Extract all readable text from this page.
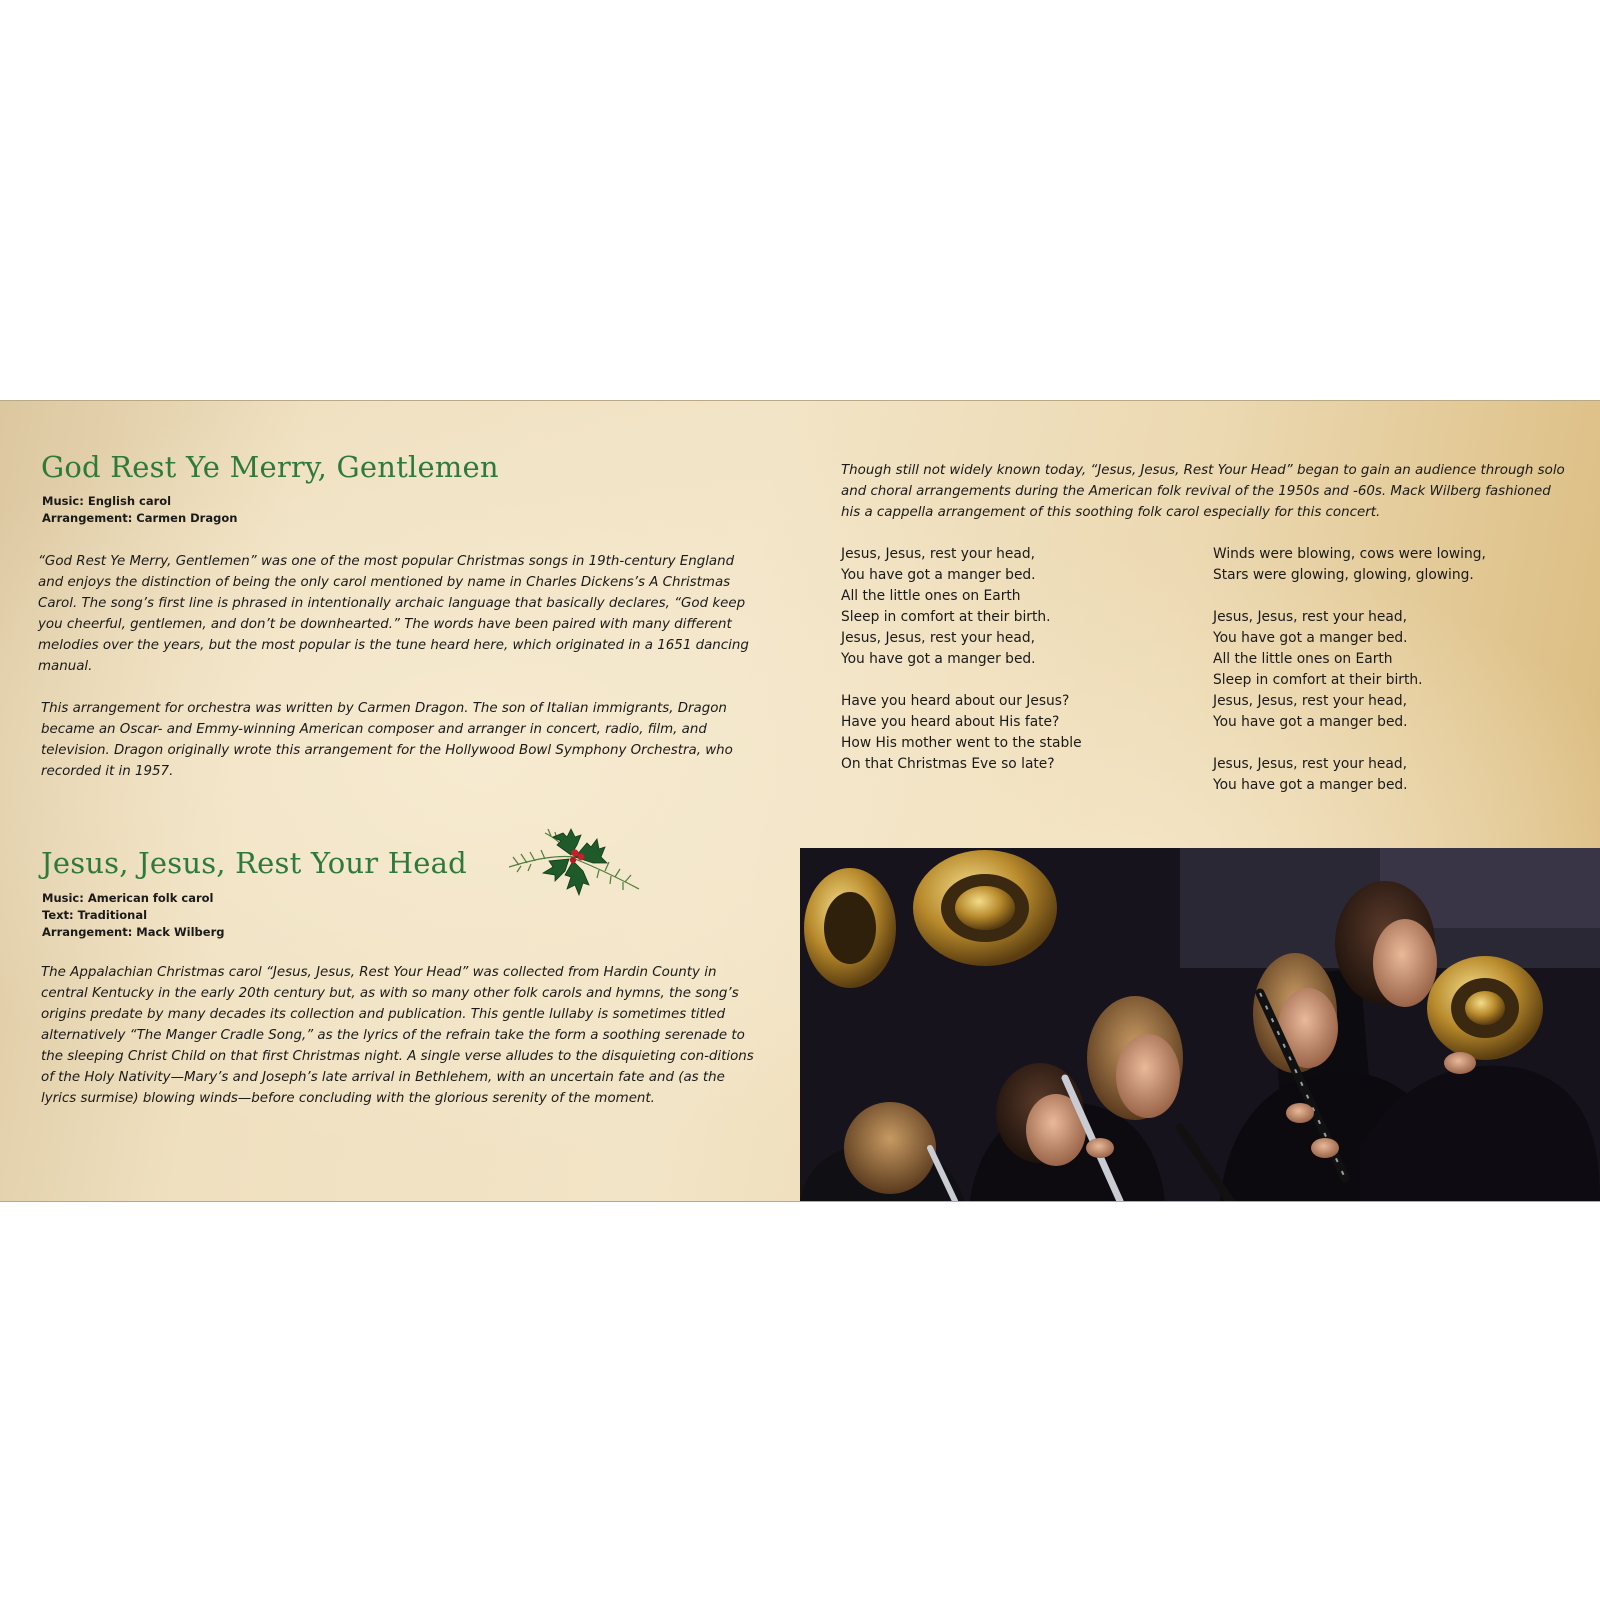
God Rest Ye Merry, Gentlemen
Music: English carol
Arrangement: Carmen Dragon

“God Rest Ye Merry, Gentlemen” was one of the most popular Christmas songs in 19th-century England and enjoys the distinction of being the only carol mentioned by name in Charles Dickens’s A Christmas Carol. The song’s first line is phrased in intentionally archaic language that basically declares, “God keep you cheerful, gentlemen, and don’t be downhearted.” The words have been paired with many different melodies over the years, but the most popular is the tune heard here, which originated in a 1651 dancing manual.

This arrangement for orchestra was written by Carmen Dragon. The son of Italian immigrants, Dragon became an Oscar- and Emmy-winning American composer and arranger in concert, radio, film, and television. Dragon originally wrote this arrangement for the Hollywood Bowl Symphony Orchestra, who recorded it in 1957.

Jesus, Jesus, Rest Your Head
Music: American folk carol
Text: Traditional
Arrangement: Mack Wilberg

The Appalachian Christmas carol “Jesus, Jesus, Rest Your Head” was collected from Hardin County in central Kentucky in the early 20th century but, as with so many other folk carols and hymns, the song’s origins predate by many decades its collection and publication. This gentle lullaby is sometimes titled alternatively “The Manger Cradle Song,” as the lyrics of the refrain take the form a soothing serenade to the sleeping Christ Child on that first Christmas night. A single verse alludes to the disquieting con-ditions of the Holy Nativity—Mary’s and Joseph’s late arrival in Bethlehem, with an uncertain fate and (as the lyrics surmise) blowing winds—before concluding with the glorious serenity of the moment.

Though still not widely known today, “Jesus, Jesus, Rest Your Head” began to gain an audience through solo and choral arrangements during the American folk revival of the 1950s and -60s. Mack Wilberg fashioned his a cappella arrangement of this soothing folk carol especially for this concert.

Jesus, Jesus, rest your head,
You have got a manger bed.
All the little ones on Earth
Sleep in comfort at their birth.
Jesus, Jesus, rest your head,
You have got a manger bed.
Have you heard about our Jesus?
Have you heard about His fate?
How His mother went to the stable
On that Christmas Eve so late?
Winds were blowing, cows were lowing,
Stars were glowing, glowing, glowing.
Jesus, Jesus, rest your head,
You have got a manger bed.
All the little ones on Earth
Sleep in comfort at their birth.
Jesus, Jesus, rest your head,
You have got a manger bed.
Jesus, Jesus, rest your head,
You have got a manger bed.
